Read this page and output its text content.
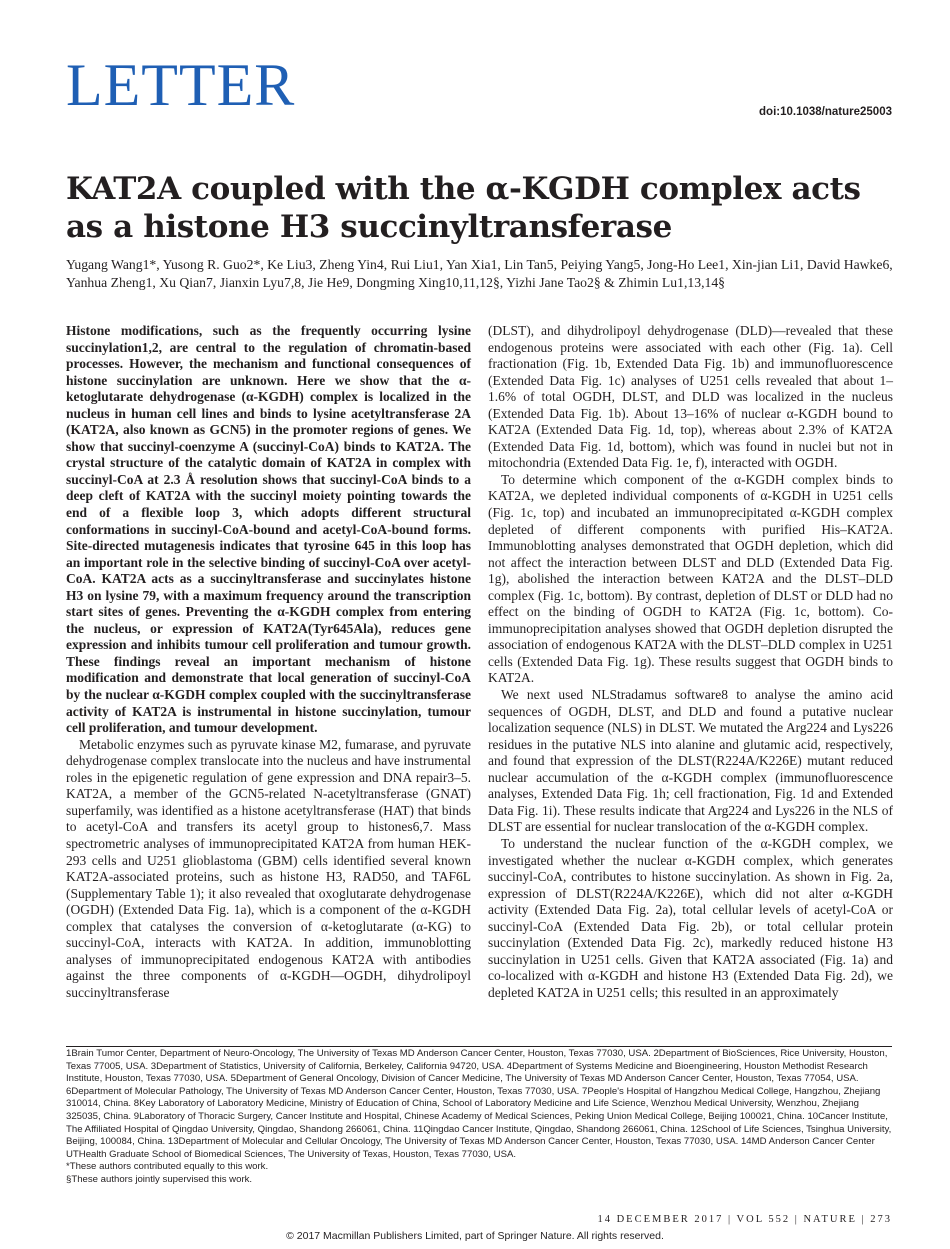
LETTER	doi:10.1038/nature25003
KAT2A coupled with the α-KGDH complex acts as a histone H3 succinyltransferase
Yugang Wang1*, Yusong R. Guo2*, Ke Liu3, Zheng Yin4, Rui Liu1, Yan Xia1, Lin Tan5, Peiying Yang5, Jong-Ho Lee1, Xin-jian Li1, David Hawke6, Yanhua Zheng1, Xu Qian7, Jianxin Lyu7,8, Jie He9, Dongming Xing10,11,12§, Yizhi Jane Tao2§ & Zhimin Lu1,13,14§

Histone modifications, such as the frequently occurring lysine succinylation1,2, are central to the regulation of chromatin-based processes. However, the mechanism and functional consequences of histone succinylation are unknown. Here we show that the α-ketoglutarate dehydrogenase (α-KGDH) complex is localized in the nucleus in human cell lines and binds to lysine acetyltransferase 2A (KAT2A, also known as GCN5) in the promoter regions of genes. We show that succinyl-coenzyme A (succinyl-CoA) binds to KAT2A. The crystal structure of the catalytic domain of KAT2A in complex with succinyl-CoA at 2.3 Å resolution shows that succinyl-CoA binds to a deep cleft of KAT2A with the succinyl moiety pointing towards the end of a flexible loop 3, which adopts different structural conformations in succinyl-CoA-bound and acetyl-CoA-bound forms. Site-directed mutagenesis indicates that tyrosine 645 in this loop has an important role in the selective binding of succinyl-CoA over acetyl-CoA. KAT2A acts as a succinyltransferase and succinylates histone H3 on lysine 79, with a maximum frequency around the transcription start sites of genes. Preventing the α-KGDH complex from entering the nucleus, or expression of KAT2A(Tyr645Ala), reduces gene expression and inhibits tumour cell proliferation and tumour growth. These findings reveal an important mechanism of histone modification and demonstrate that local generation of succinyl-CoA by the nuclear α-KGDH complex coupled with the succinyltransferase activity of KAT2A is instrumental in histone succinylation, tumour cell proliferation, and tumour development.

Metabolic enzymes such as pyruvate kinase M2, fumarase, and pyruvate dehydrogenase complex translocate into the nucleus and have instrumental roles in the epigenetic regulation of gene expression and DNA repair3–5. KAT2A, a member of the GCN5-related N-acetyltransferase (GNAT) superfamily, was identified as a histone acetyltransferase (HAT) that binds to acetyl-CoA and transfers its acetyl group to histones6,7. Mass spectrometric analyses of immunoprecipitated KAT2A from human HEK-293 cells and U251 glioblastoma (GBM) cells identified several known KAT2A-associated proteins, such as histone H3, RAD50, and TAF6L (Supplementary Table 1); it also revealed that oxoglutarate dehydrogenase (OGDH) (Extended Data Fig. 1a), which is a component of the α-KGDH complex that catalyses the conversion of α-ketoglutarate (α-KG) to succinyl-CoA, interacts with KAT2A. In addition, immunoblotting analyses of immunoprecipitated endogenous KAT2A with antibodies against the three components of α-KGDH—OGDH, dihydrolipoyl succinyltransferase

(DLST), and dihydrolipoyl dehydrogenase (DLD)—revealed that these endogenous proteins were associated with each other (Fig. 1a). Cell fractionation (Fig. 1b, Extended Data Fig. 1b) and immunofluorescence (Extended Data Fig. 1c) analyses of U251 cells revealed that about 1–1.6% of total OGDH, DLST, and DLD was localized in the nucleus (Extended Data Fig. 1b). About 13–16% of nuclear α-KGDH bound to KAT2A (Extended Data Fig. 1d, top), whereas about 2.3% of KAT2A (Extended Data Fig. 1d, bottom), which was found in nuclei but not in mitochondria (Extended Data Fig. 1e, f), interacted with OGDH.

To determine which component of the α-KGDH complex binds to KAT2A, we depleted individual components of α-KGDH in U251 cells (Fig. 1c, top) and incubated an immunoprecipitated α-KGDH complex depleted of different components with purified His–KAT2A. Immunoblotting analyses demonstrated that OGDH depletion, which did not affect the interaction between DLST and DLD (Extended Data Fig. 1g), abolished the interaction between KAT2A and the DLST–DLD complex (Fig. 1c, bottom). By contrast, depletion of DLST or DLD had no effect on the binding of OGDH to KAT2A (Fig. 1c, bottom). Co-immunoprecipitation analyses showed that OGDH depletion disrupted the association of endogenous KAT2A with the DLST–DLD complex in U251 cells (Extended Data Fig. 1g). These results suggest that OGDH binds to KAT2A.

We next used NLStradamus software8 to analyse the amino acid sequences of OGDH, DLST, and DLD and found a putative nuclear localization sequence (NLS) in DLST. We mutated the Arg224 and Lys226 residues in the putative NLS into alanine and glutamic acid, respectively, and found that expression of the DLST(R224A/K226E) mutant reduced nuclear accumulation of the α-KGDH complex (immunofluorescence analyses, Extended Data Fig. 1h; cell fractionation, Fig. 1d and Extended Data Fig. 1i). These results indicate that Arg224 and Lys226 in the NLS of DLST are essential for nuclear translocation of the α-KGDH complex.

To understand the nuclear function of the α-KGDH complex, we investigated whether the nuclear α-KGDH complex, which generates succinyl-CoA, contributes to histone succinylation. As shown in Fig. 2a, expression of DLST(R224A/K226E), which did not alter α-KGDH activity (Extended Data Fig. 2a), total cellular levels of acetyl-CoA or succinyl-CoA (Extended Data Fig. 2b), or total cellular protein succinylation (Extended Data Fig. 2c), markedly reduced histone H3 succinylation in U251 cells. Given that KAT2A associated (Fig. 1a) and co-localized with α-KGDH and histone H3 (Extended Data Fig. 2d), we depleted KAT2A in U251 cells; this resulted in an approximately

1Brain Tumor Center, Department of Neuro-Oncology, The University of Texas MD Anderson Cancer Center, Houston, Texas 77030, USA. 2Department of BioSciences, Rice University, Houston, Texas 77005, USA. 3Department of Statistics, University of California, Berkeley, California 94720, USA. 4Department of Systems Medicine and Bioengineering, Houston Methodist Research Institute, Houston, Texas 77030, USA. 5Department of General Oncology, Division of Cancer Medicine, The University of Texas MD Anderson Cancer Center, Houston, Texas 77054, USA. 6Department of Molecular Pathology, The University of Texas MD Anderson Cancer Center, Houston, Texas 77030, USA. 7People's Hospital of Hangzhou Medical College, Hangzhou, Zhejiang 310014, China. 8Key Laboratory of Laboratory Medicine, Ministry of Education of China, School of Laboratory Medicine and Life Science, Wenzhou Medical University, Wenzhou, Zhejiang 325035, China. 9Laboratory of Thoracic Surgery, Cancer Institute and Hospital, Chinese Academy of Medical Sciences, Peking Union Medical College, Beijing 100021, China. 10Cancer Institute, The Affiliated Hospital of Qingdao University, Qingdao, Shandong 266061, China. 11Qingdao Cancer Institute, Qingdao, Shandong 266061, China. 12School of Life Sciences, Tsinghua University, Beijing, 100084, China. 13Department of Molecular and Cellular Oncology, The University of Texas MD Anderson Cancer Center, Houston, Texas 77030, USA. 14MD Anderson Cancer Center UTHealth Graduate School of Biomedical Sciences, The University of Texas, Houston, Texas 77030, USA.

*These authors contributed equally to this work.

§These authors jointly supervised this work.

14 DECEMBER 2017 | VOL 552 | NATURE | 273
© 2017 Macmillan Publishers Limited, part of Springer Nature. All rights reserved.
